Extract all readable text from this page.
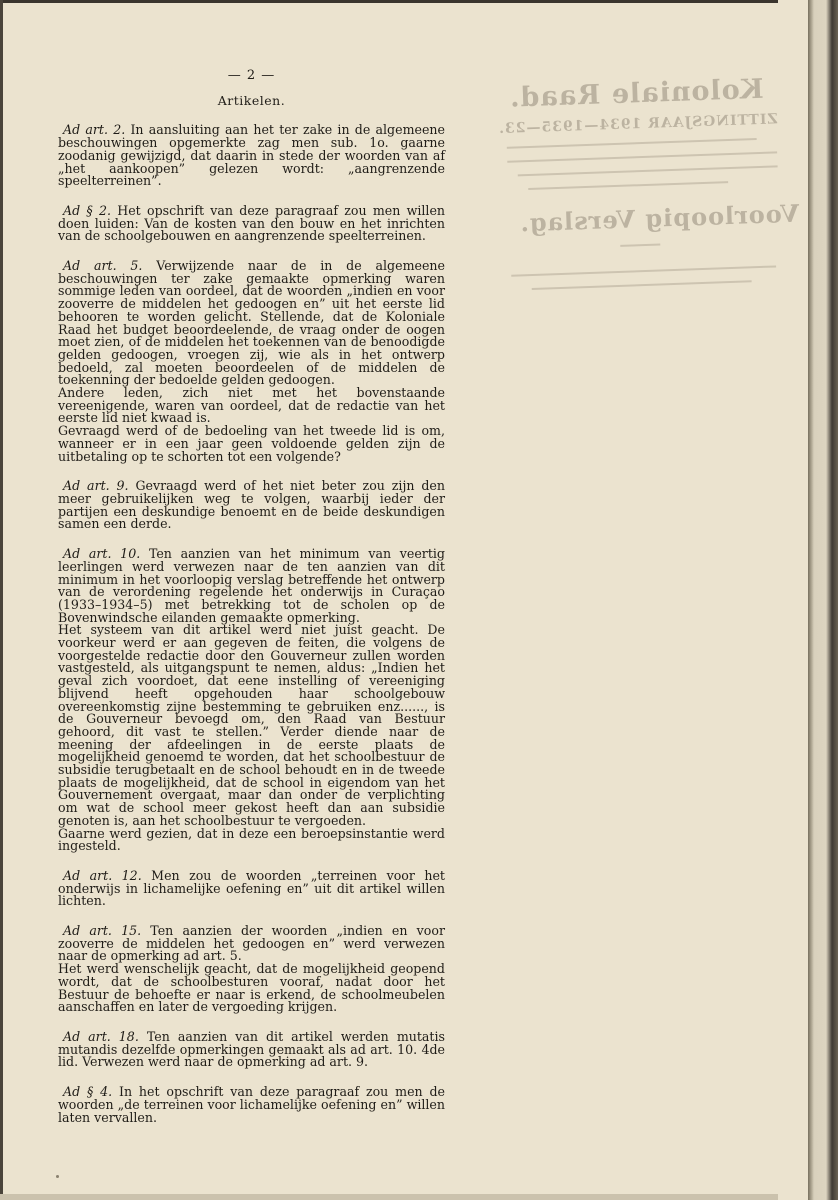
Koloniale Raad.
ZITTINGSJAAR 1934—1935—23.
Voorloopig Verslag.
— 2 —
Artikelen.

Ad art. 2. In aansluiting aan het ter zake in de algemeene beschouwingen opgemerkte zag men sub. 1o. gaarne zoodanig gewijzigd, dat daarin in stede der woorden van af „het aankoopen” gelezen wordt: „aangrenzende speelterreinen”.

Ad § 2. Het opschrift van deze paragraaf zou men willen doen luiden: Van de kosten van den bouw en het inrichten van de schoolgebouwen en aangrenzende speelterreinen.

Ad art. 5. Verwijzende naar de in de algemeene beschouwingen ter zake gemaakte opmerking waren sommige leden van oordeel, dat de woorden „indien en voor zooverre de middelen het gedoogen en” uit het eerste lid behooren te worden gelicht. Stellende, dat de Koloniale Raad het budget beoordeelende, de vraag onder de oogen moet zien, of de middelen het toekennen van de benoodigde gelden gedoogen, vroegen zij, wie als in het ontwerp bedoeld, zal moeten beoordeelen of de middelen de toekenning der bedoelde gelden gedoogen.
Andere leden, zich niet met het bovenstaande vereenigende, waren van oordeel, dat de redactie van het eerste lid niet kwaad is.
Gevraagd werd of de bedoeling van het tweede lid is om, wanneer er in een jaar geen voldoende gelden zijn de uitbetaling op te schorten tot een volgende?

Ad art. 9. Gevraagd werd of het niet beter zou zijn den meer gebruikelijken weg te volgen, waarbij ieder der partijen een deskundige benoemt en de beide deskundigen samen een derde.

Ad art. 10. Ten aanzien van het minimum van veertig leerlingen werd verwezen naar de ten aanzien van dit minimum in het voorloopig verslag betreffende het ontwerp van de verordening regelende het onderwijs in Curaçao (1933–1934–5) met betrekking tot de scholen op de Bovenwindsche eilanden gemaakte opmerking.
Het systeem van dit artikel werd niet juist geacht. De voorkeur werd er aan gegeven de feiten, die volgens de voorgestelde redactie door den Gouverneur zullen worden vastgesteld, als uitgangspunt te nemen, aldus: „Indien het geval zich voordoet, dat eene instelling of vereeniging blijvend heeft opgehouden haar schoolgebouw overeenkomstig zijne bestemming te gebruiken enz......, is de Gouverneur bevoegd om, den Raad van Bestuur gehoord, dit vast te stellen.” Verder diende naar de meening der afdeelingen in de eerste plaats de mogelijkheid genoemd te worden, dat het schoolbestuur de subsidie terugbetaalt en de school behoudt en in de tweede plaats de mogelijkheid, dat de school in eigendom van het Gouvernement overgaat, maar dan onder de verplichting om wat de school meer gekost heeft dan aan subsidie genoten is, aan het schoolbestuur te vergoeden.
Gaarne werd gezien, dat in deze een beroepsinstantie werd ingesteld.

Ad art. 12. Men zou de woorden „terreinen voor het onderwijs in lichamelijke oefening en” uit dit artikel willen lichten.

Ad art. 15. Ten aanzien der woorden „indien en voor zooverre de middelen het gedoogen en” werd verwezen naar de opmerking ad art. 5.
Het werd wenschelijk geacht, dat de mogelijkheid geopend wordt, dat de schoolbesturen vooraf, nadat door het Bestuur de behoefte er naar is erkend, de schoolmeubelen aanschaffen en later de vergoeding krijgen.

Ad art. 18. Ten aanzien van dit artikel werden mutatis mutandis dezelfde opmerkingen gemaakt als ad art. 10. 4de lid. Verwezen werd naar de opmerking ad art. 9.

Ad § 4. In het opschrift van deze paragraaf zou men de woorden „de terreinen voor lichamelijke oefening en” willen laten vervallen.
